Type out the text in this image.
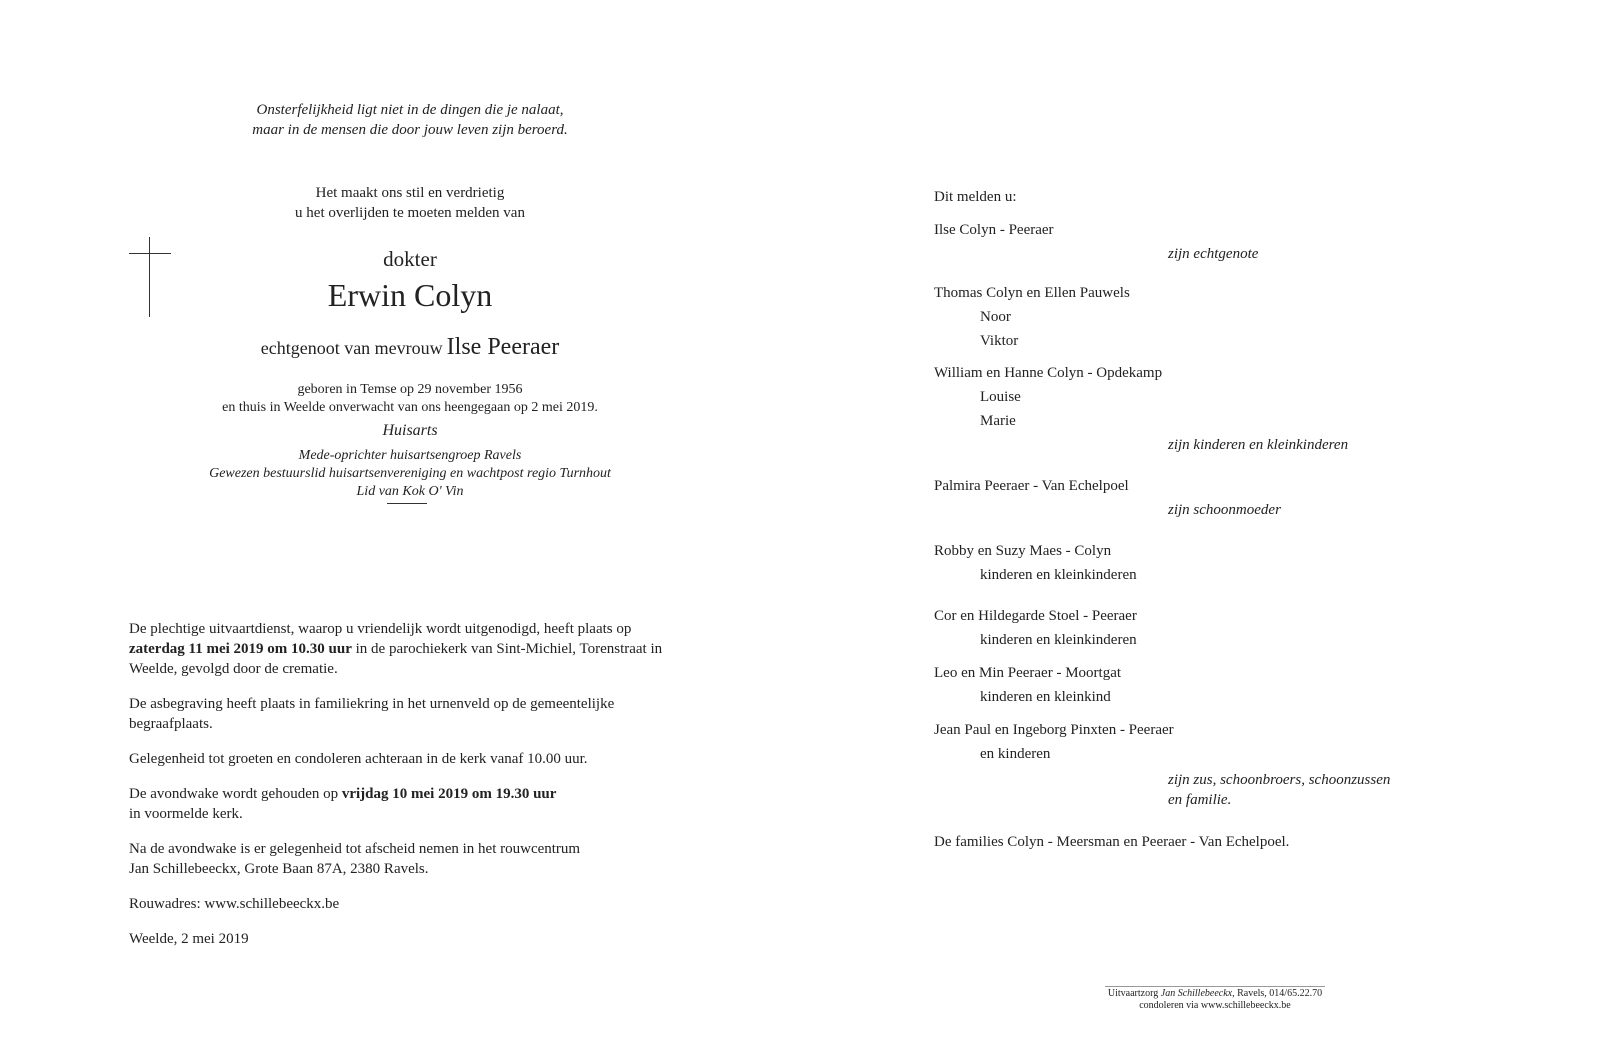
Onsterfelijkheid ligt niet in de dingen die je nalaat,
maar in de mensen die door jouw leven zijn beroerd.
Het maakt ons stil en verdrietig
u het overlijden te moeten melden van
dokter
Erwin Colyn
echtgenoot van mevrouw Ilse Peeraer
geboren in Temse op 29 november 1956
en thuis in Weelde onverwacht van ons heengegaan op 2 mei 2019.
Huisarts
Mede-oprichter huisartsengroep Ravels
Gewezen bestuurslid huisartsenvereniging en wachtpost regio Turnhout
Lid van Kok O' Vin

De plechtige uitvaartdienst, waarop u vriendelijk wordt uitgenodigd, heeft plaats op zaterdag 11 mei 2019 om 10.30 uur in de parochiekerk van Sint-Michiel, Torenstraat in Weelde, gevolgd door de crematie.

De asbegraving heeft plaats in familiekring in het urnenveld op de gemeentelijke begraafplaats.

Gelegenheid tot groeten en condoleren achteraan in de kerk vanaf 10.00 uur.

De avondwake wordt gehouden op vrijdag 10 mei 2019 om 19.30 uur
in voormelde kerk.

Na de avondwake is er gelegenheid tot afscheid nemen in het rouwcentrum
Jan Schillebeeckx, Grote Baan 87A, 2380 Ravels.

Rouwadres: www.schillebeeckx.be

Weelde, 2 mei 2019

Dit melden u:
Ilse Colyn - Peeraer
zijn echtgenote
Thomas Colyn en Ellen Pauwels
Noor
Viktor
William en Hanne Colyn - Opdekamp
Louise
Marie
zijn kinderen en kleinkinderen
Palmira Peeraer - Van Echelpoel
zijn schoonmoeder
Robby en Suzy Maes - Colyn
kinderen en kleinkinderen
Cor en Hildegarde Stoel - Peeraer
kinderen en kleinkinderen
Leo en Min Peeraer - Moortgat
kinderen en kleinkind
Jean Paul en Ingeborg Pinxten - Peeraer
en kinderen
zijn zus, schoonbroers, schoonzussen
en familie.
De families Colyn - Meersman en Peeraer - Van Echelpoel.
Uitvaartzorg Jan Schillebeeckx, Ravels, 014/65.22.70
condoleren via www.schillebeeckx.be
